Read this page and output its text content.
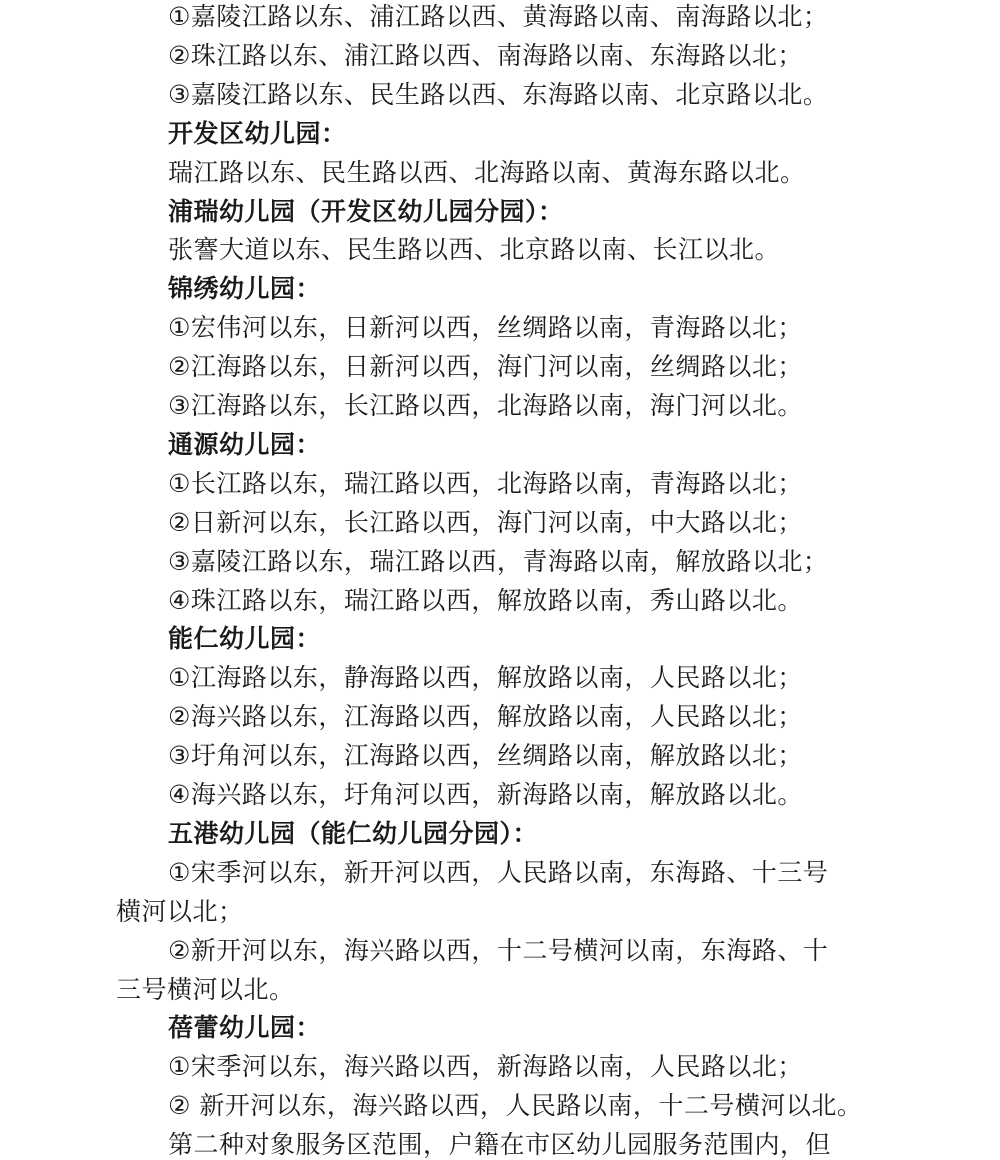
①嘉陵江路以东、浦江路以西、黄海路以南、南海路以北；
②珠江路以东、浦江路以西、南海路以南、东海路以北；
③嘉陵江路以东、民生路以西、东海路以南、北京路以北。
开发区幼儿园：
瑞江路以东、民生路以西、北海路以南、黄海东路以北。
浦瑞幼儿园（开发区幼儿园分园）：
张謇大道以东、民生路以西、北京路以南、长江以北。
锦绣幼儿园：
①宏伟河以东，日新河以西，丝绸路以南，青海路以北；
②江海路以东，日新河以西，海门河以南，丝绸路以北；
③江海路以东，长江路以西，北海路以南，海门河以北。
通源幼儿园：
①长江路以东，瑞江路以西，北海路以南，青海路以北；
②日新河以东，长江路以西，海门河以南，中大路以北；
③嘉陵江路以东，瑞江路以西，青海路以南，解放路以北；
④珠江路以东，瑞江路以西，解放路以南，秀山路以北。
能仁幼儿园：
①江海路以东，静海路以西，解放路以南，人民路以北；
②海兴路以东，江海路以西，解放路以南，人民路以北；
③圩角河以东，江海路以西，丝绸路以南，解放路以北；
④海兴路以东，圩角河以西，新海路以南，解放路以北。
五港幼儿园（能仁幼儿园分园）：
①宋季河以东，新开河以西，人民路以南，东海路、十三号
横河以北；
②新开河以东，海兴路以西，十二号横河以南，东海路、十
三号横河以北。
蓓蕾幼儿园：
①宋季河以东，海兴路以西，新海路以南，人民路以北；
② 新开河以东，海兴路以西，人民路以南，十二号横河以北。
第二种对象服务区范围，户籍在市区幼儿园服务范围内，但
